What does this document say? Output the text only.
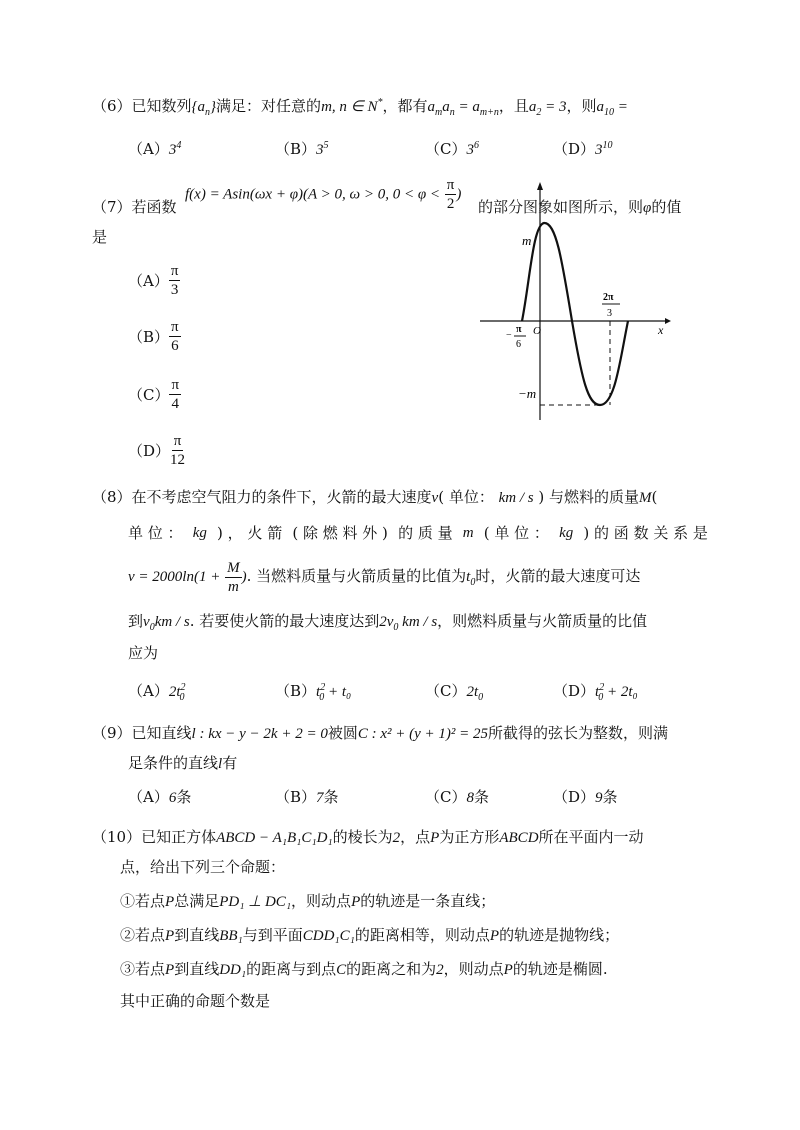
（6）已知数列$\{a_n\}$满足：对任意的m, n ∈ N*，都有$a_ma_n = a_{m+n}$，且$a_2 = 3$，则$a_{10}$ =
$(A)3^4$	$(B)3^5$	$(C)3^6$	$(D)3^{10}$
f(x) = Asin(ωx + φ)(A > 0, ω > 0, $0 < \varphi < \frac{\pi}{2}$ )
（7）若函数	的部分图象如图所示，则φ的值
是
$(A) \frac{\pi}{3}$
$(B) \frac{\pi}{6}$
$(C) \frac{\pi}{4}$
$(D) \frac{\pi}{12}$
m
−m
O	x
2π
3
−
π
6
（8）在不考虑空气阻力的条件下，火箭的最大速度v( 单位： km / s ) 与燃料的质量M(
单 位 ： kg ) ， 火 箭 ( 除 燃 料 外 ) 的 质 量 m ( 单 位 ： kg ) 的 函 数 关 系 是
$v = 2000\ln(1 + \frac{M}{m}$ ). 当燃料质量与火箭质量的比值为$t_0$时，火箭的最大速度可达
到$v_0km$ / s. 若要使火箭的最大速度达到$2v_0$ km / s，则燃料质量与火箭质量的比值
应为
$(A)2t^2_0$	$(B)t^2_0 + t_0$	$(C)2t_0$	$(D)t^2_0 + 2t_0$
（9）已知直线l : kx − y − 2k + 2 = 0被圆C : x² + (y + 1)² = 25所截得的弦长为整数，则满
足条件的直线l有
（A）6条	（B）7条	（C）8条	（D）9条
（10）已知正方体ABCD − A₁B₁C₁D₁的棱长为2，点P为正方形ABCD所在平面内一动
点，给出下列三个命题：
①若点P总满足PD₁ ⊥ DC₁，则动点P的轨迹是一条直线；
②若点P到直线BB₁与到平面CDD₁C₁的距离相等，则动点P的轨迹是抛物线；
③若点P到直线DD₁的距离与到点C的距离之和为2，则动点P的轨迹是椭圆.
其中正确的命题个数是
